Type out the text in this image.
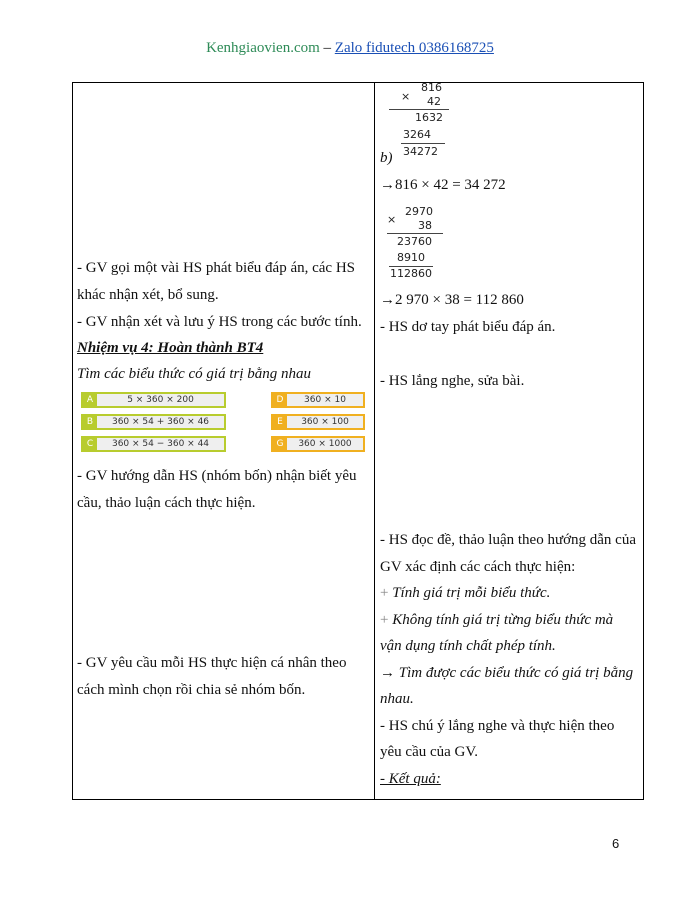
Kenhgiaovien.com – Zalo fidutech 0386168725
- GV gọi một vài HS phát biểu đáp án, các HS
khác nhận xét, bổ sung.
- GV nhận xét và lưu ý HS trong các bước tính.
Nhiệm vụ 4: Hoàn thành BT4
Tìm các biểu thức có giá trị bằng nhau
A	5 × 360 × 200
B	360 × 54 + 360 × 46
C	360 × 54 − 360 × 44
D	360 × 10
E	360 × 100
G	360 × 1000
- GV hướng dẫn HS (nhóm bốn) nhận biết yêu
cầu, thảo luận cách thực hiện.
- GV yêu cầu mỗi HS thực hiện cá nhân theo
cách mình chọn rồi chia sẻ nhóm bốn.
×
816
42
1632
3264
34272
b)
→816 × 42 = 34 272
×
2970
38
23760
8910
112860
→2 970 × 38 = 112 860
- HS dơ tay phát biểu đáp án.
- HS lắng nghe, sửa bài.
- HS đọc đề, thảo luận theo hướng dẫn của
GV xác định các cách thực hiện:
+ Tính giá trị mỗi biểu thức.
+ Không tính giá trị từng biểu thức mà
vận dụng tính chất phép tính.
→ Tìm được các biểu thức có giá trị bằng
nhau.
- HS chú ý lắng nghe và thực hiện theo
yêu cầu của GV.
- Kết quả:
6
